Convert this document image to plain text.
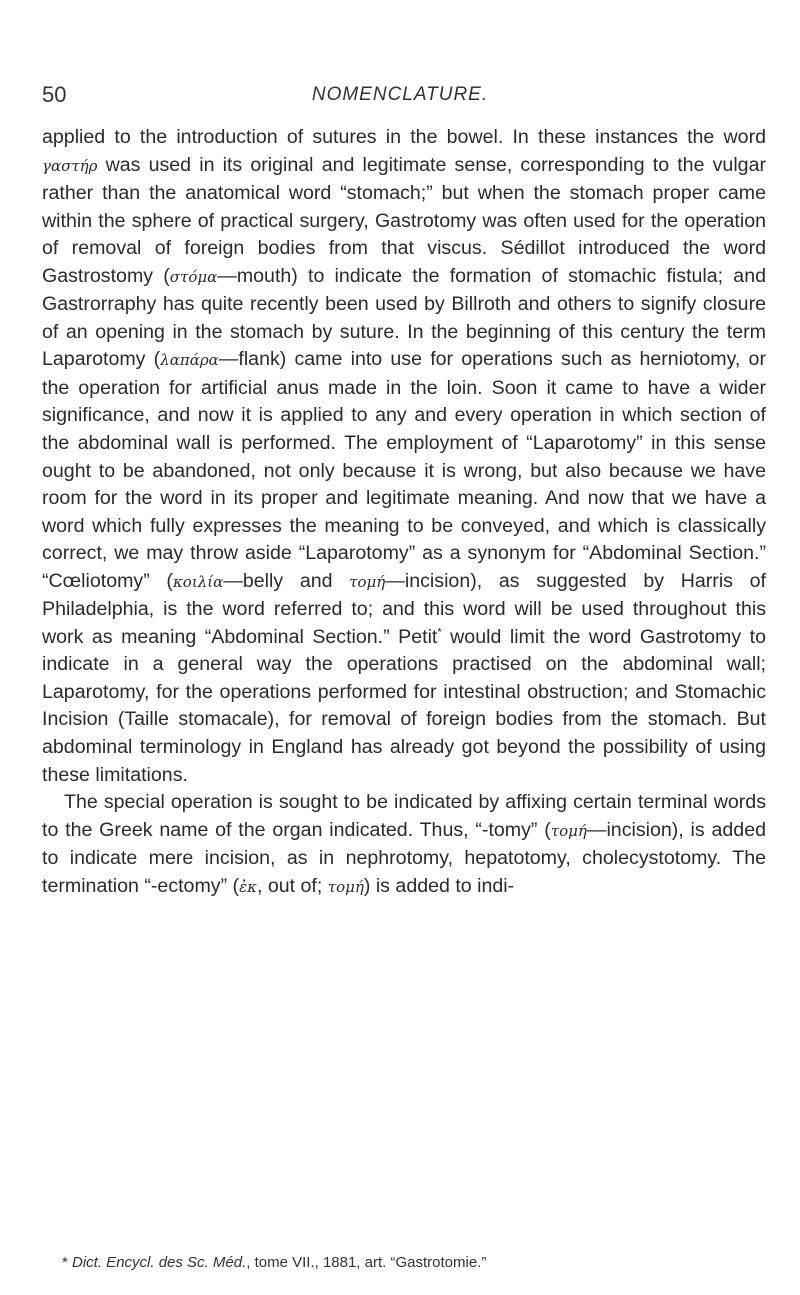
50	NOMENCLATURE.

applied to the introduction of sutures in the bowel. In these instances the word γαστήρ was used in its original and legitimate sense, corresponding to the vulgar rather than the anatomical word “stomach;” but when the stomach proper came within the sphere of practical surgery, Gastrotomy was often used for the operation of removal of foreign bodies from that viscus. Sédillot introduced the word Gastrostomy (στόμα—mouth) to indicate the formation of stomachic fistula; and Gastrorraphy has quite recently been used by Billroth and others to signify closure of an opening in the stomach by suture. In the beginning of this century the term Laparotomy (λαπάρα—flank) came into use for operations such as herniotomy, or the operation for artificial anus made in the loin. Soon it came to have a wider significance, and now it is applied to any and every operation in which section of the abdominal wall is performed. The employment of “Laparotomy” in this sense ought to be abandoned, not only because it is wrong, but also because we have room for the word in its proper and legitimate meaning. And now that we have a word which fully expresses the meaning to be conveyed, and which is classically correct, we may throw aside “Laparotomy” as a synonym for “Abdominal Section.” “Cœliotomy” (κοιλία—belly and τομή—incision), as suggested by Harris of Philadelphia, is the word referred to; and this word will be used throughout this work as meaning “Abdominal Section.” Petit* would limit the word Gastrotomy to indicate in a general way the operations practised on the abdominal wall; Laparotomy, for the operations performed for intestinal obstruction; and Stomachic Incision (Taille stomacale), for removal of foreign bodies from the stomach. But abdominal terminology in England has already got beyond the possibility of using these limitations.

The special operation is sought to be indicated by affixing certain terminal words to the Greek name of the organ indicated. Thus, “-tomy” (τομή—incision), is added to indicate mere incision, as in nephrotomy, hepatotomy, cholecystotomy. The termination “-ectomy” (ἐκ, out of; τομή) is added to indi-

* Dict. Encycl. des Sc. Méd., tome VII., 1881, art. “Gastrotomie.”
